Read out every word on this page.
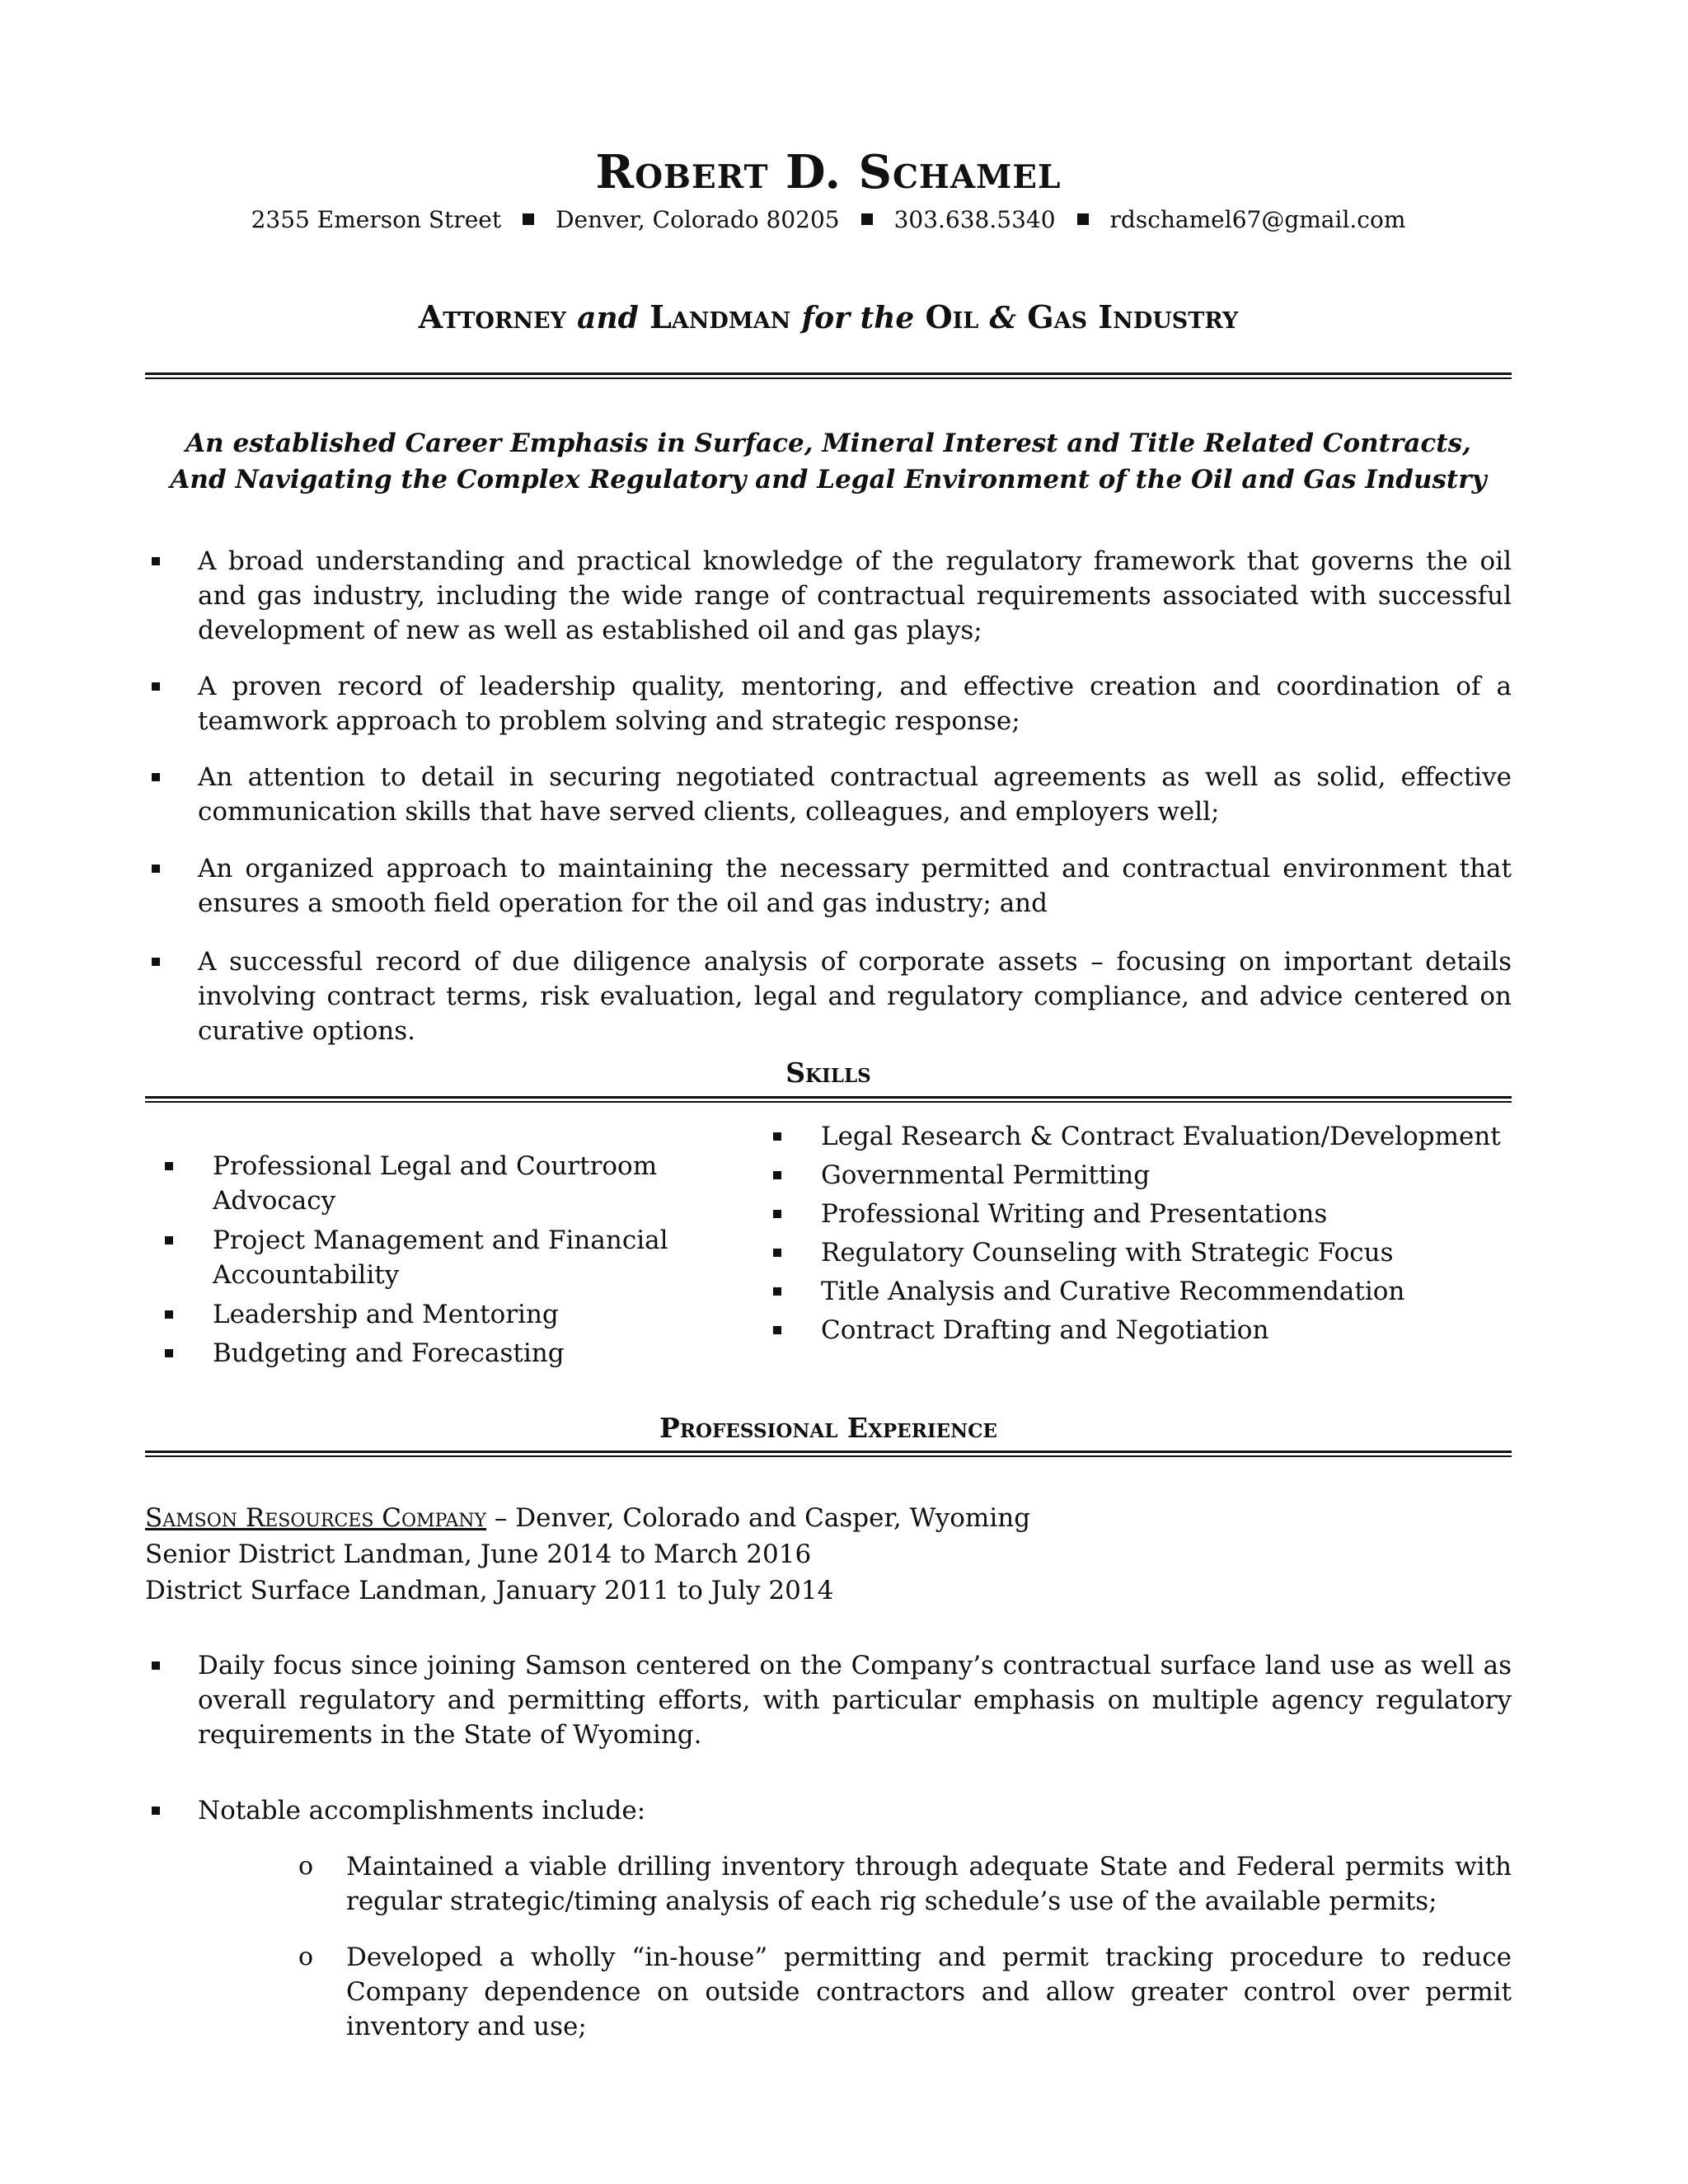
Robert D. Schamel
2355 Emerson Street Denver, Colorado 80205 303.638.5340 rdschamel67@gmail.com
Attorney and Landman for the Oil & Gas Industry
An established Career Emphasis in Surface, Mineral Interest and Title Related Contracts,
And Navigating the Complex Regulatory and Legal Environment of the Oil and Gas Industry
A broad understanding and practical knowledge of the regulatory framework that governs the oil and gas industry, including the wide range of contractual requirements associated with successful development of new as well as established oil and gas plays;
A proven record of leadership quality, mentoring, and effective creation and coordination of a teamwork approach to problem solving and strategic response;
An attention to detail in securing negotiated contractual agreements as well as solid, effective communication skills that have served clients, colleagues, and employers well;
An organized approach to maintaining the necessary permitted and contractual environment that ensures a smooth field operation for the oil and gas industry; and
A successful record of due diligence analysis of corporate assets – focusing on important details involving contract terms, risk evaluation, legal and regulatory compliance, and advice centered on curative options.
Skills
Professional Legal and Courtroom Advocacy
Project Management and Financial Accountability
Leadership and Mentoring
Budgeting and Forecasting
Legal Research & Contract Evaluation/Development
Governmental Permitting
Professional Writing and Presentations
Regulatory Counseling with Strategic Focus
Title Analysis and Curative Recommendation
Contract Drafting and Negotiation
Professional Experience
Samson Resources Company – Denver, Colorado and Casper, Wyoming
Senior District Landman, June 2014 to March 2016
District Surface Landman, January 2011 to July 2014
Daily focus since joining Samson centered on the Company’s contractual surface land use as well as overall regulatory and permitting efforts, with particular emphasis on multiple agency regulatory requirements in the State of Wyoming.
Notable accomplishments include:
o Maintained a viable drilling inventory through adequate State and Federal permits with regular strategic/timing analysis of each rig schedule’s use of the available permits;
o Developed a wholly “in-house” permitting and permit tracking procedure to reduce Company dependence on outside contractors and allow greater control over permit inventory and use;
